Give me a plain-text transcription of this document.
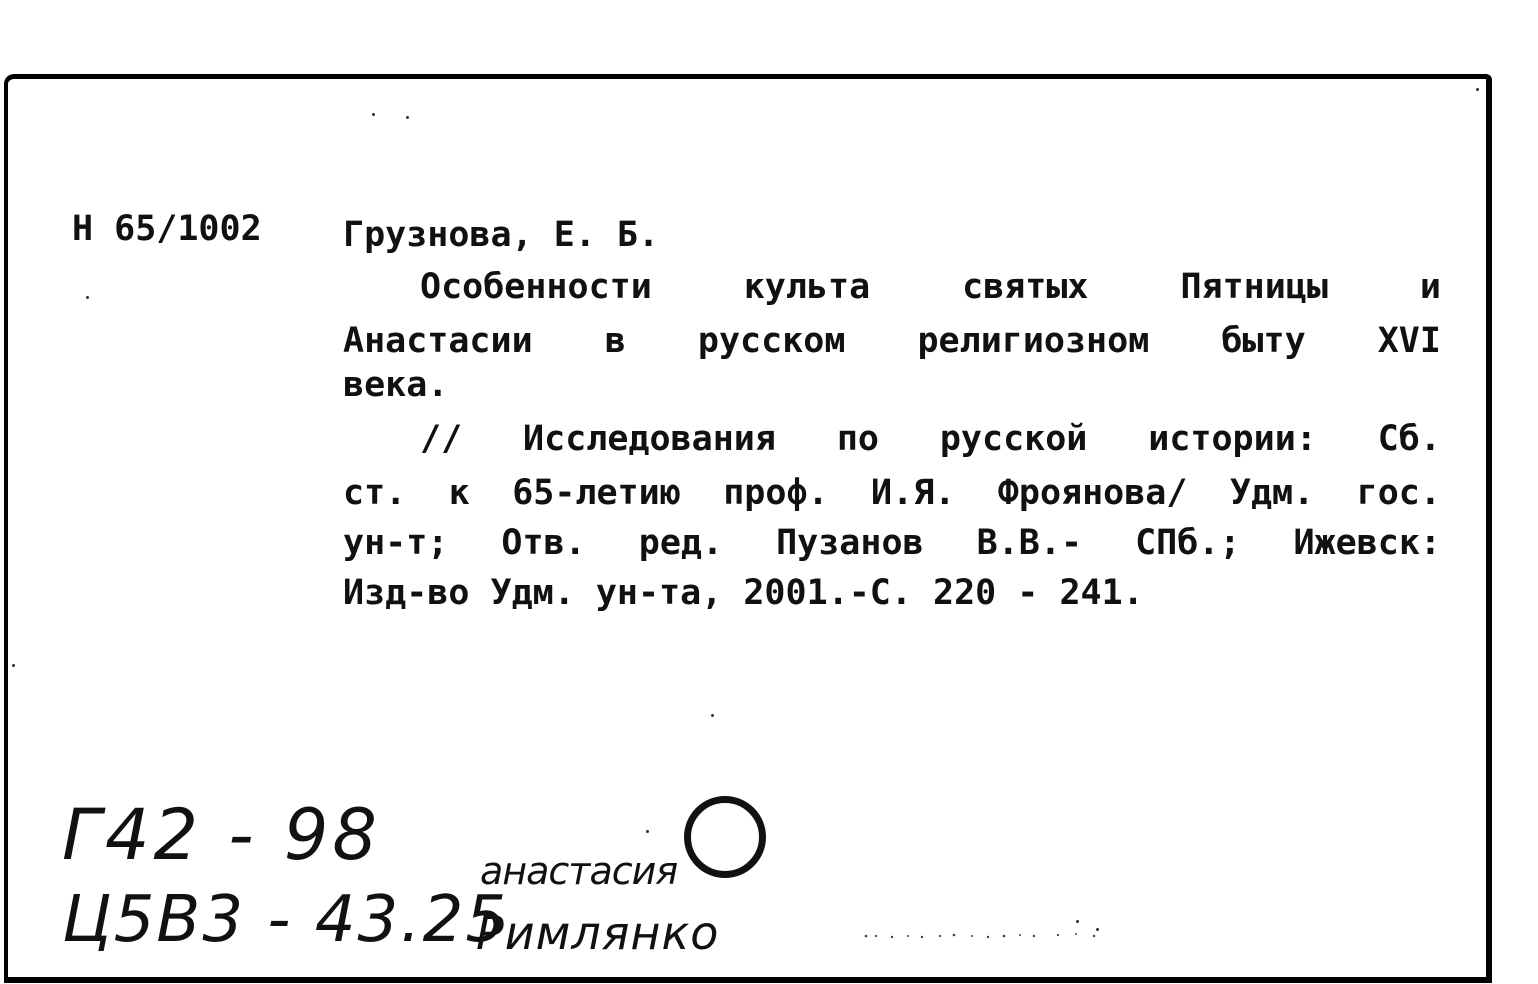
Н 65/1002 Грузнова, Е. Б.
Особенности	культа	святых	Пятницы	и
Анастасии в русском религиозном быту XVI
века.
// Исследования по русской истории: Сб.
ст. к 65-летию проф. И.Я. Фроянова/ Удм. гос.
ун-т; Отв. ред. Пузанов В.В.- СПб.; Ижевск:
Изд-во Удм. ун-та, 2001.-С. 220 - 241.
Г42 - 98
Ц5В3 - 43.25
анастасия
Римлянко
